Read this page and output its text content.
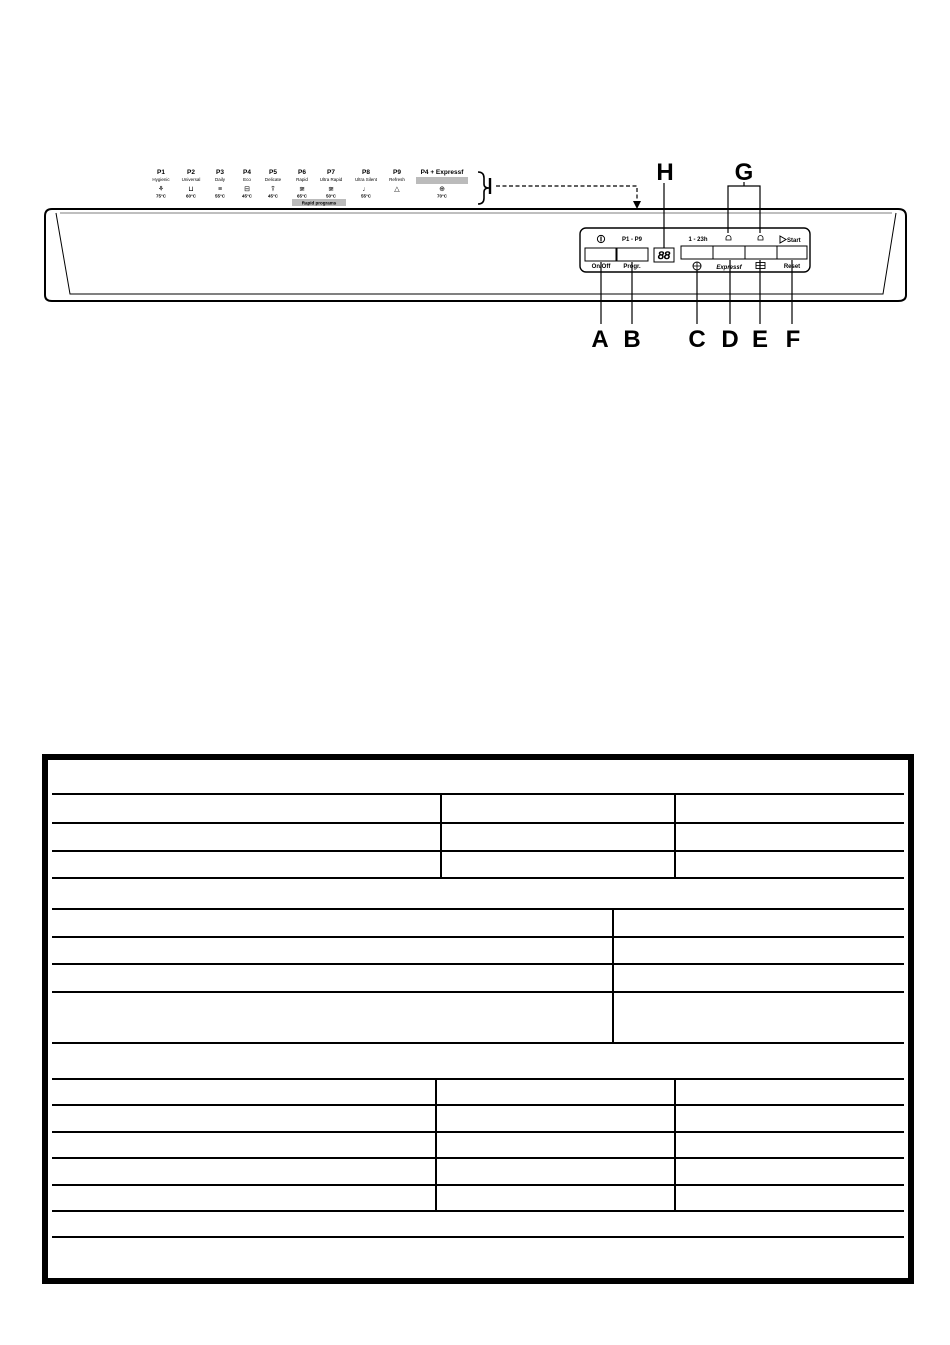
P1
Hygienic
⚘
75°C
P2
Universal
⊔
60°C
P3
Daily
≡
55°C
P4
Eco
⊟
45°C
P5
Delicate
⍒
45°C
P6
Rapid
≆
65°C
P7
Ultra Rapid
≆
50°C
P8
Ultra Silent
♩
55°C
P9
Refresh
△
P4 + Expressf
⊕
70°C
Rapid programs
P1 - P9
On/Off Progr.
88
1 - 23h	Start
Expressf	Reset
A B C D E F
G
H
